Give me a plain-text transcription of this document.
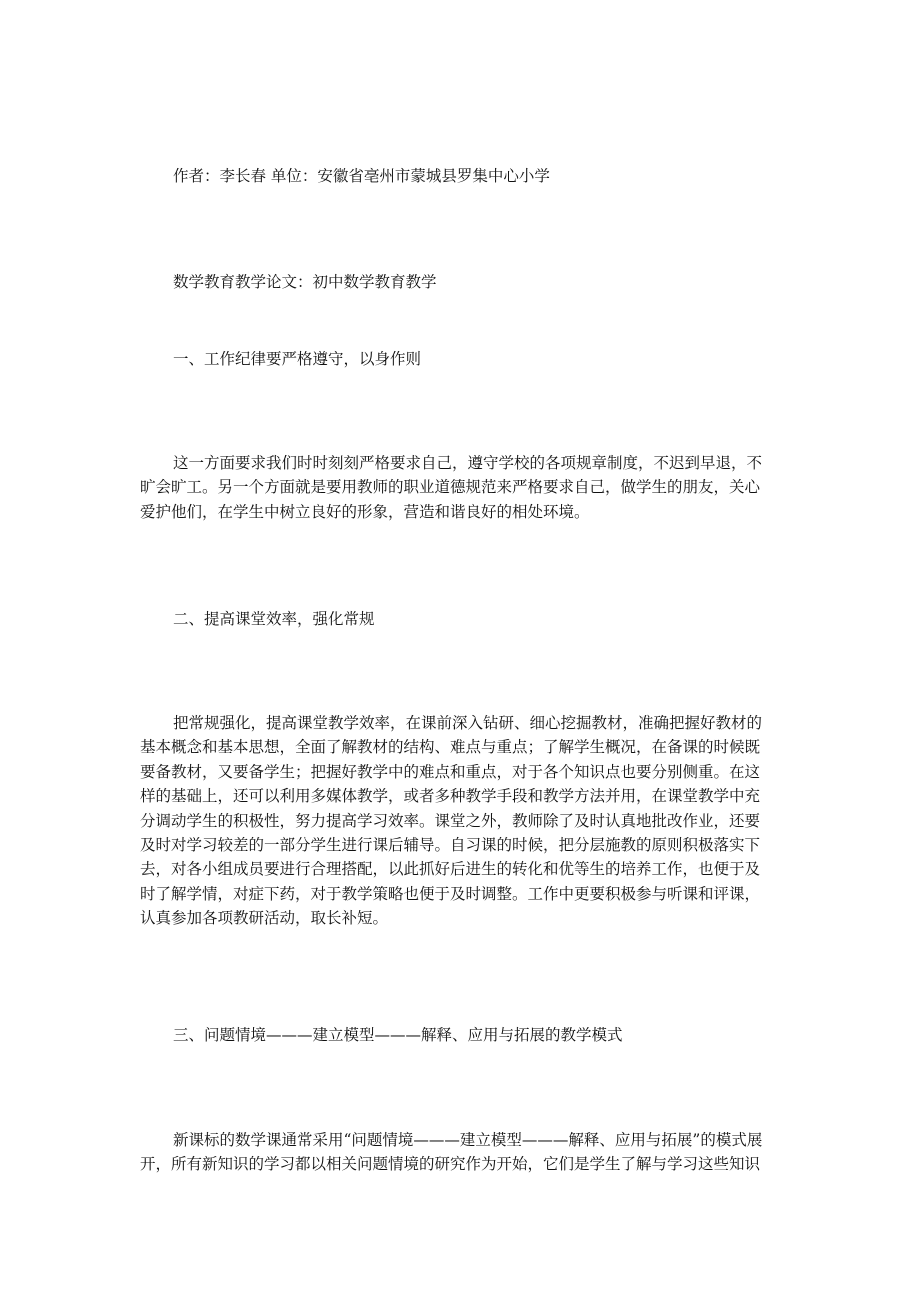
作者：李长春 单位：安徽省亳州市蒙城县罗集中心小学

数学教育教学论文：初中数学教育教学

一、工作纪律要严格遵守，以身作则

这一方面要求我们时时刻刻严格要求自己，遵守学校的各项规章制度，不迟到早退，不
旷会旷工。另一个方面就是要用教师的职业道德规范来严格要求自己，做学生的朋友，关心
爱护他们，在学生中树立良好的形象，营造和谐良好的相处环境。

二、提高课堂效率，强化常规

把常规强化，提高课堂教学效率，在课前深入钻研、细心挖掘教材，准确把握好教材的
基本概念和基本思想，全面了解教材的结构、难点与重点；了解学生概况，在备课的时候既
要备教材，又要备学生；把握好教学中的难点和重点，对于各个知识点也要分别侧重。在这
样的基础上，还可以利用多媒体教学，或者多种教学手段和教学方法并用，在课堂教学中充
分调动学生的积极性，努力提高学习效率。课堂之外，教师除了及时认真地批改作业，还要
及时对学习较差的一部分学生进行课后辅导。自习课的时候，把分层施教的原则积极落实下
去，对各小组成员要进行合理搭配，以此抓好后进生的转化和优等生的培养工作，也便于及
时了解学情，对症下药，对于教学策略也便于及时调整。工作中更要积极参与听课和评课，
认真参加各项教研活动，取长补短。

三、问题情境———建立模型———解释、应用与拓展的教学模式

新课标的数学课通常采用“问题情境———建立模型———解释、应用与拓展”的模式展
开，所有新知识的学习都以相关问题情境的研究作为开始，它们是学生了解与学习这些知识
